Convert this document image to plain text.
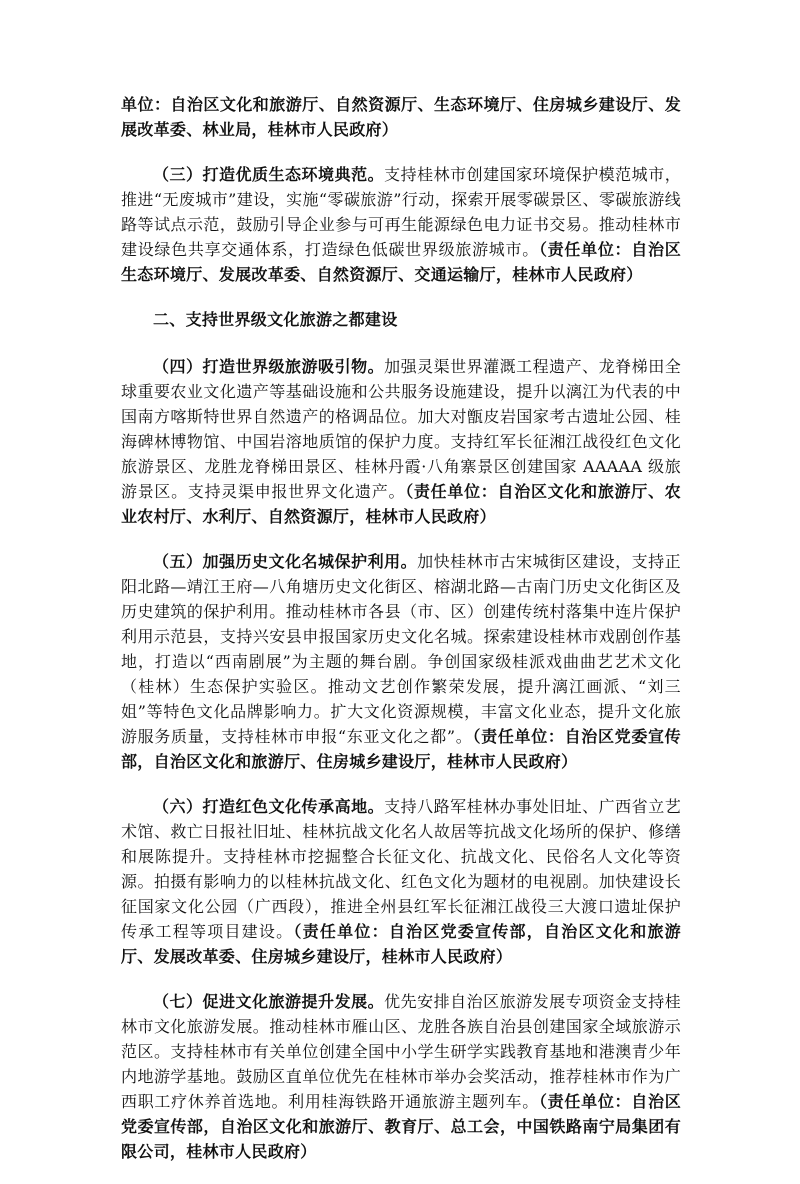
单位：自治区文化和旅游厅、自然资源厅、生态环境厅、住房城乡建设厅、发展改革委、林业局，桂林市人民政府）

（三）打造优质生态环境典范。支持桂林市创建国家环境保护模范城市，推进“无废城市”建设，实施“零碳旅游”行动，探索开展零碳景区、零碳旅游线路等试点示范，鼓励引导企业参与可再生能源绿色电力证书交易。推动桂林市建设绿色共享交通体系，打造绿色低碳世界级旅游城市。（责任单位：自治区生态环境厅、发展改革委、自然资源厅、交通运输厅，桂林市人民政府）

二、支持世界级文化旅游之都建设

（四）打造世界级旅游吸引物。加强灵渠世界灌溉工程遗产、龙脊梯田全球重要农业文化遗产等基础设施和公共服务设施建设，提升以漓江为代表的中国南方喀斯特世界自然遗产的格调品位。加大对甑皮岩国家考古遗址公园、桂海碑林博物馆、中国岩溶地质馆的保护力度。支持红军长征湘江战役红色文化旅游景区、龙胜龙脊梯田景区、桂林丹霞·八角寨景区创建国家 AAAAA 级旅游景区。支持灵渠申报世界文化遗产。（责任单位：自治区文化和旅游厅、农业农村厅、水利厅、自然资源厅，桂林市人民政府）

（五）加强历史文化名城保护利用。加快桂林市古宋城街区建设，支持正阳北路—靖江王府—八角塘历史文化街区、榕湖北路—古南门历史文化街区及历史建筑的保护利用。推动桂林市各县（市、区）创建传统村落集中连片保护利用示范县，支持兴安县申报国家历史文化名城。探索建设桂林市戏剧创作基地，打造以“西南剧展”为主题的舞台剧。争创国家级桂派戏曲曲艺艺术文化（桂林）生态保护实验区。推动文艺创作繁荣发展，提升漓江画派、“刘三姐”等特色文化品牌影响力。扩大文化资源规模，丰富文化业态，提升文化旅游服务质量，支持桂林市申报“东亚文化之都”。（责任单位：自治区党委宣传部，自治区文化和旅游厅、住房城乡建设厅，桂林市人民政府）

（六）打造红色文化传承高地。支持八路军桂林办事处旧址、广西省立艺术馆、救亡日报社旧址、桂林抗战文化名人故居等抗战文化场所的保护、修缮和展陈提升。支持桂林市挖掘整合长征文化、抗战文化、民俗名人文化等资源。拍摄有影响力的以桂林抗战文化、红色文化为题材的电视剧。加快建设长征国家文化公园（广西段），推进全州县红军长征湘江战役三大渡口遗址保护传承工程等项目建设。（责任单位：自治区党委宣传部，自治区文化和旅游厅、发展改革委、住房城乡建设厅，桂林市人民政府）

（七）促进文化旅游提升发展。优先安排自治区旅游发展专项资金支持桂林市文化旅游发展。推动桂林市雁山区、龙胜各族自治县创建国家全域旅游示范区。支持桂林市有关单位创建全国中小学生研学实践教育基地和港澳青少年内地游学基地。鼓励区直单位优先在桂林市举办会奖活动，推荐桂林市作为广西职工疗休养首选地。利用桂海铁路开通旅游主题列车。（责任单位：自治区党委宣传部，自治区文化和旅游厅、教育厅、总工会，中国铁路南宁局集团有限公司，桂林市人民政府）
